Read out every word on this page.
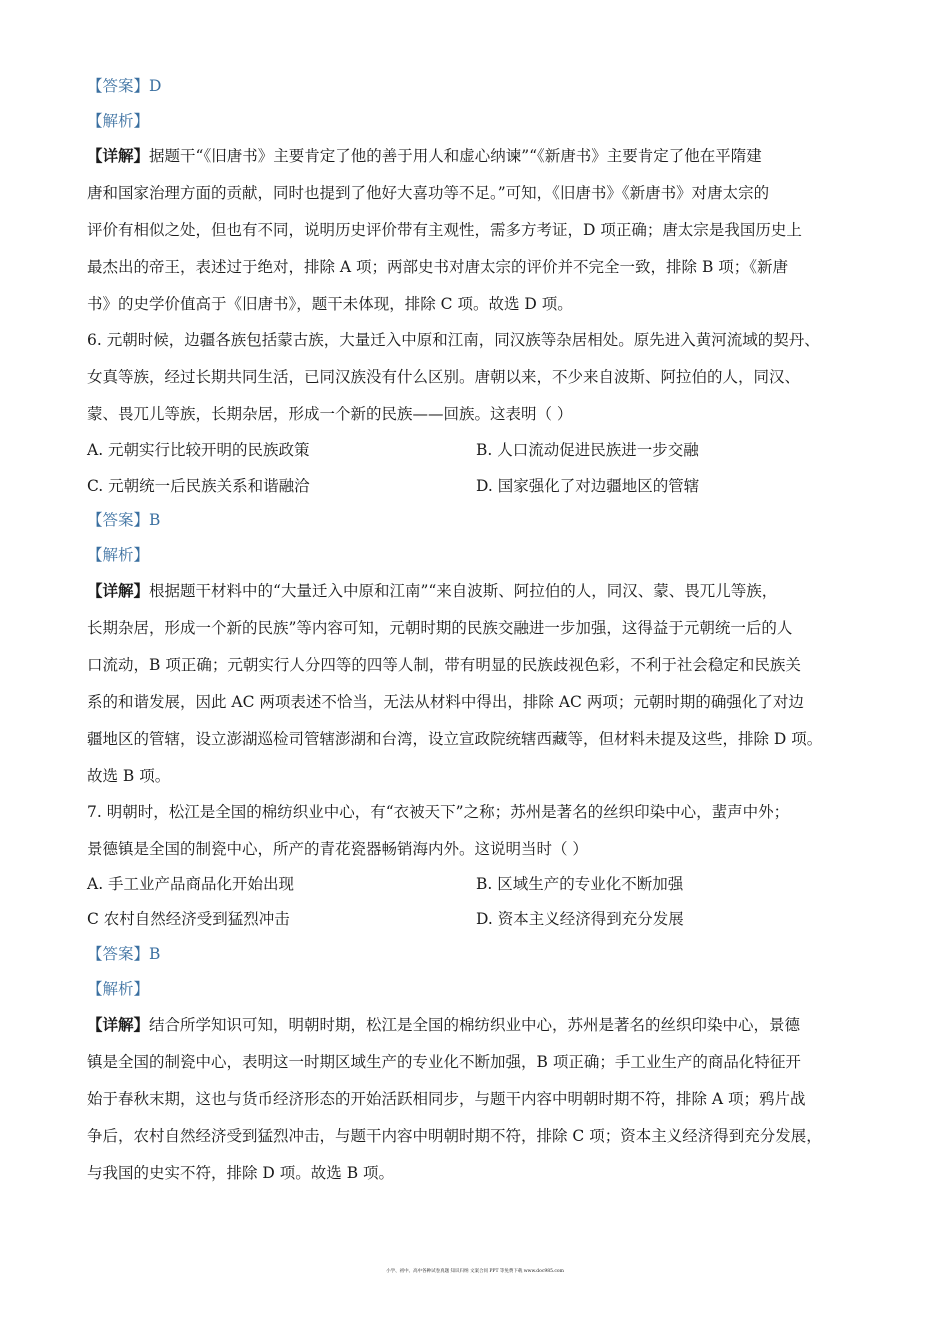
【答案】D
【解析】
【详解】据题干“《旧唐书》主要肯定了他的善于用人和虚心纳谏”“《新唐书》主要肯定了他在平隋建
唐和国家治理方面的贡献，同时也提到了他好大喜功等不足。”可知，《旧唐书》《新唐书》对唐太宗的
评价有相似之处，但也有不同，说明历史评价带有主观性，需多方考证，D 项正确；唐太宗是我国历史上
最杰出的帝王，表述过于绝对，排除 A 项；两部史书对唐太宗的评价并不完全一致，排除 B 项；《新唐
书》的史学价值高于《旧唐书》，题干未体现，排除 C 项。故选 D 项。
6. 元朝时候，边疆各族包括蒙古族，大量迁入中原和江南，同汉族等杂居相处。原先进入黄河流域的契丹、
女真等族，经过长期共同生活，已同汉族没有什么区别。唐朝以来，不少来自波斯、阿拉伯的人，同汉、
蒙、畏兀儿等族，长期杂居，形成一个新的民族——回族。这表明（ ）
A. 元朝实行比较开明的民族政策	B. 人口流动促进民族进一步交融
C. 元朝统一后民族关系和谐融洽	D. 国家强化了对边疆地区的管辖
【答案】B
【解析】
【详解】根据题干材料中的“大量迁入中原和江南”“来自波斯、阿拉伯的人，同汉、蒙、畏兀儿等族，
长期杂居，形成一个新的民族”等内容可知，元朝时期的民族交融进一步加强，这得益于元朝统一后的人
口流动，B 项正确；元朝实行人分四等的四等人制，带有明显的民族歧视色彩，不利于社会稳定和民族关
系的和谐发展，因此 AC 两项表述不恰当，无法从材料中得出，排除 AC 两项；元朝时期的确强化了对边
疆地区的管辖，设立澎湖巡检司管辖澎湖和台湾，设立宣政院统辖西藏等，但材料未提及这些，排除 D 项。
故选 B 项。
7. 明朝时，松江是全国的棉纺织业中心，有“衣被天下”之称；苏州是著名的丝织印染中心，蜚声中外；
景德镇是全国的制瓷中心，所产的青花瓷器畅销海内外。这说明当时（ ）
A. 手工业产品商品化开始出现	B. 区域生产的专业化不断加强
C 农村自然经济受到猛烈冲击	D. 资本主义经济得到充分发展
【答案】B
【解析】
【详解】结合所学知识可知，明朝时期，松江是全国的棉纺织业中心，苏州是著名的丝织印染中心，景德
镇是全国的制瓷中心，表明这一时期区域生产的专业化不断加强，B 项正确；手工业生产的商品化特征开
始于春秋末期，这也与货币经济形态的开始活跃相同步，与题干内容中明朝时期不符，排除 A 项；鸦片战
争后，农村自然经济受到猛烈冲击，与题干内容中明朝时期不符，排除 C 项；资本主义经济得到充分发展，
与我国的史实不符，排除 D 项。故选 B 项。
小学、初中、高中各种试卷真题 知识归纳 文案合同 PPT 等免费下载 www.doc985.com
